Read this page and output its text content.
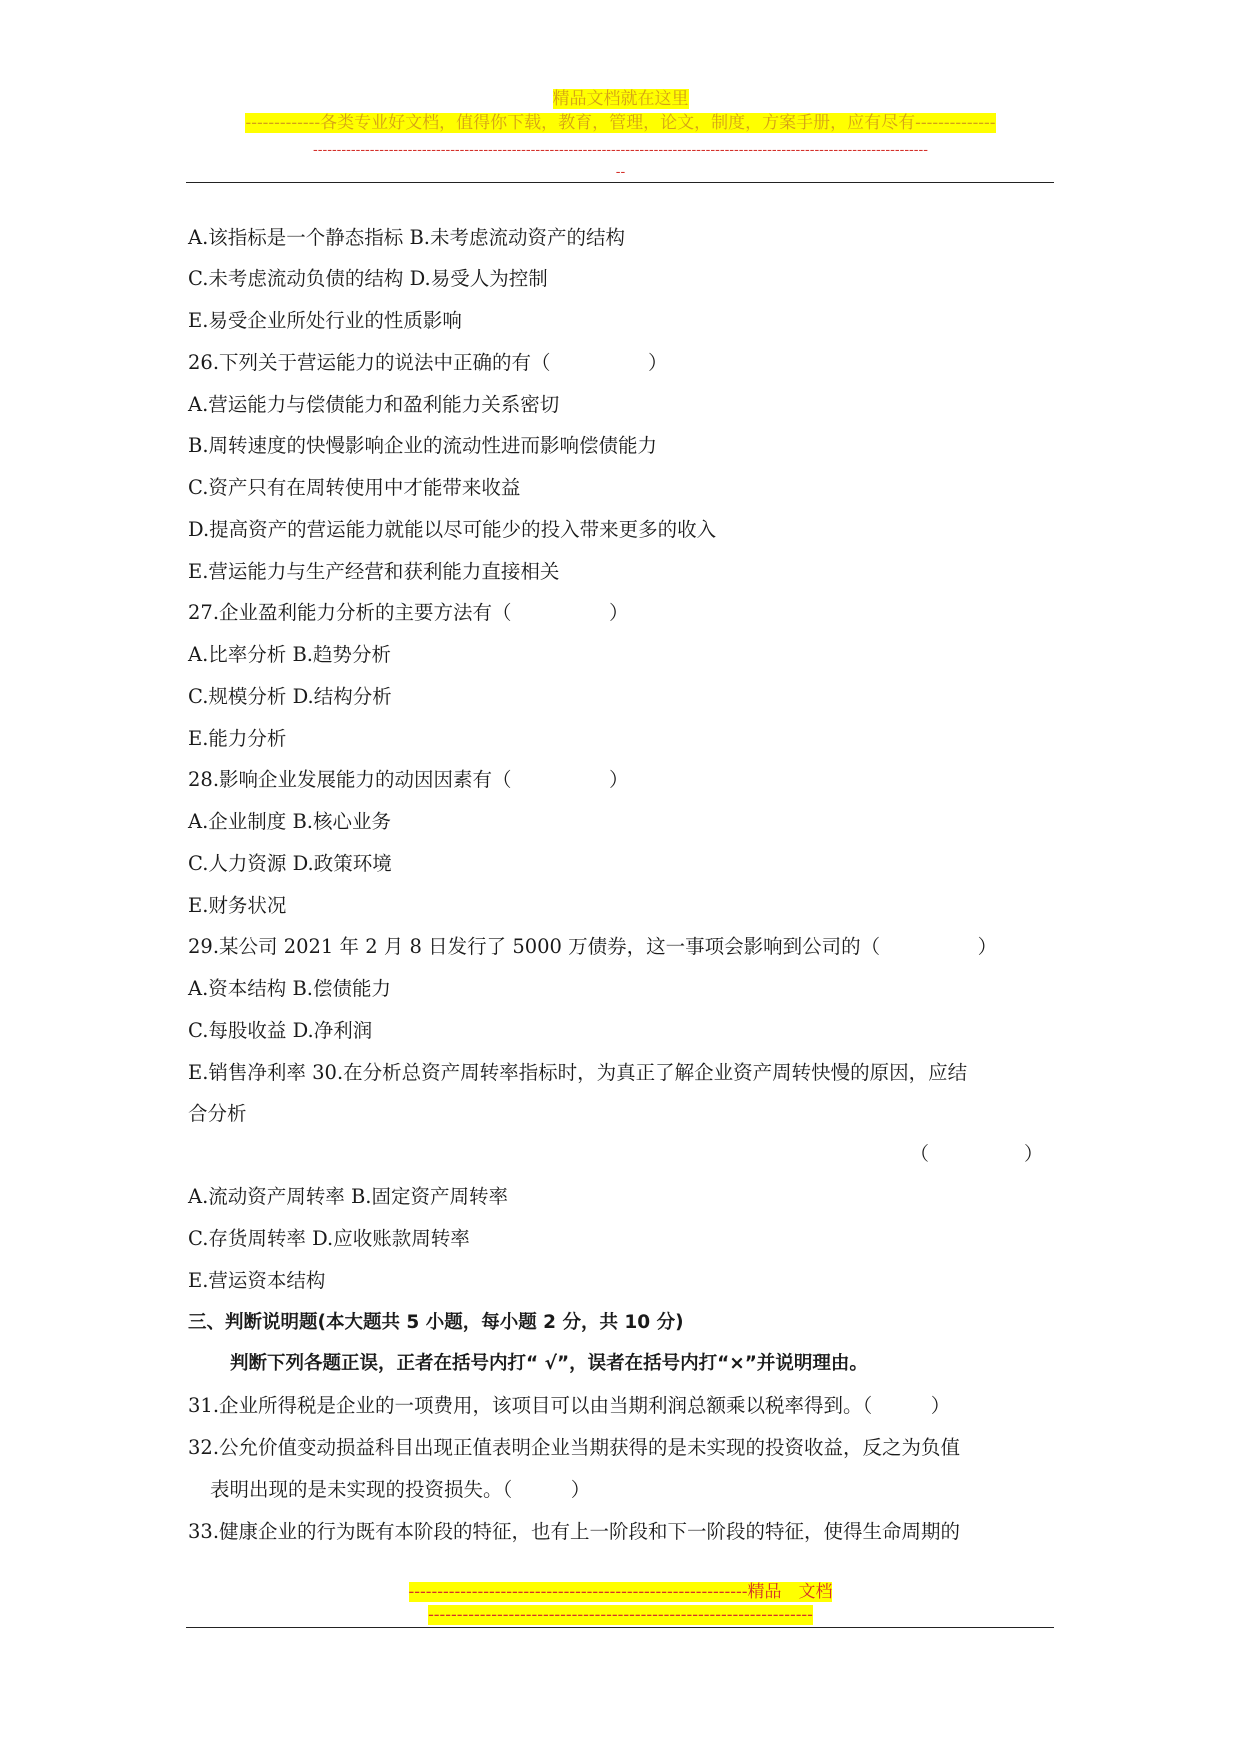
精品文档就在这里
-------------各类专业好文档，值得你下载，教育，管理，论文，制度，方案手册，应有尽有--------------
----------------------------------------------------------------------------------------------------------------------------------
--
A.该指标是一个静态指标 B.未考虑流动资产的结构
C.未考虑流动负债的结构 D.易受人为控制
E.易受企业所处行业的性质影响
26.下列关于营运能力的说法中正确的有（　　　　　）
A.营运能力与偿债能力和盈利能力关系密切
B.周转速度的快慢影响企业的流动性进而影响偿债能力
C.资产只有在周转使用中才能带来收益
D.提高资产的营运能力就能以尽可能少的投入带来更多的收入
E.营运能力与生产经营和获利能力直接相关
27.企业盈利能力分析的主要方法有（　　　　　）
A.比率分析 B.趋势分析
C.规模分析 D.结构分析
E.能力分析
28.影响企业发展能力的动因因素有（　　　　　）
A.企业制度 B.核心业务
C.人力资源 D.政策环境
E.财务状况
29.某公司 2021 年 2 月 8 日发行了 5000 万债券，这一事项会影响到公司的（　　　　　）
A.资本结构 B.偿债能力
C.每股收益 D.净利润
E.销售净利率 30.在分析总资产周转率指标时，为真正了解企业资产周转快慢的原因，应结
合分析
（　　　　　）
A.流动资产周转率 B.固定资产周转率
C.存货周转率 D.应收账款周转率
E.营运资本结构
三、判断说明题(本大题共 5 小题，每小题 2 分，共 10 分)
判断下列各题正误，正者在括号内打“ √”，误者在括号内打“×”并说明理由。
31.企业所得税是企业的一项费用，该项目可以由当期利润总额乘以税率得到。（　　　）
32.公允价值变动损益科目出现正值表明企业当期获得的是未实现的投资收益，反之为负值
表明出现的是未实现的投资损失。（　　　）
33.健康企业的行为既有本阶段的特征，也有上一阶段和下一阶段的特征，使得生命周期的
-----------------------------------------------------------精品　文档
-------------------------------------------------------------------
